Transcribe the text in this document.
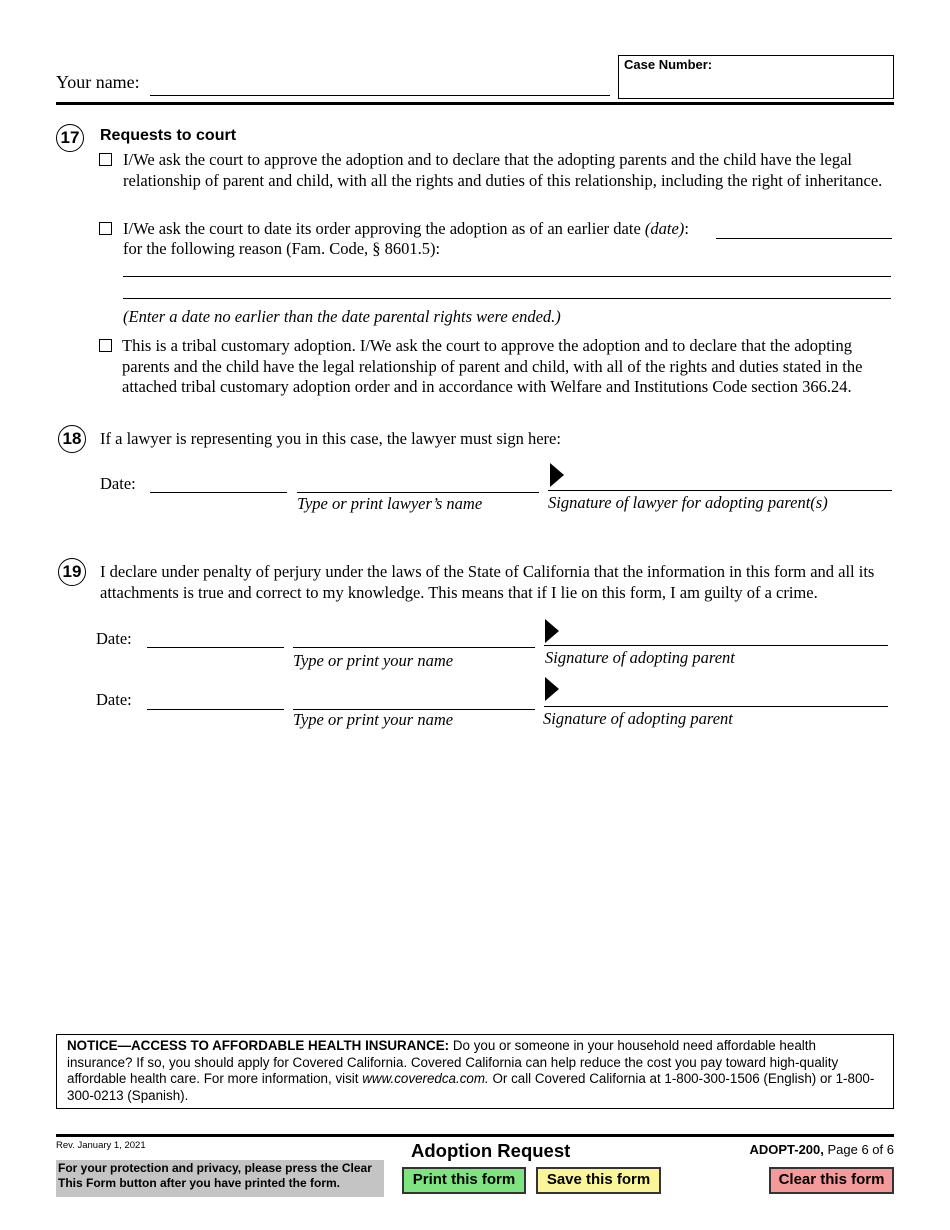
Your name:
Case Number:
17 Requests to court
I/We ask the court to approve the adoption and to declare that the adopting parents and the child have the legal relationship of parent and child, with all the rights and duties of this relationship, including the right of inheritance.
I/We ask the court to date its order approving the adoption as of an earlier date (date):
for the following reason (Fam. Code, § 8601.5):
(Enter a date no earlier than the date parental rights were ended.)
This is a tribal customary adoption. I/We ask the court to approve the adoption and to declare that the adopting parents and the child have the legal relationship of parent and child, with all of the rights and duties stated in the attached tribal customary adoption order and in accordance with Welfare and Institutions Code section 366.24.
18 If a lawyer is representing you in this case, the lawyer must sign here:
Date:
Type or print lawyer’s name	Signature of lawyer for adopting parent(s)
19 I declare under penalty of perjury under the laws of the State of California that the information in this form and all its attachments is true and correct to my knowledge. This means that if I lie on this form, I am guilty of a crime.
Date:
Type or print your name	Signature of adopting parent
Date:
Type or print your name	Signature of adopting parent
NOTICE—ACCESS TO AFFORDABLE HEALTH INSURANCE: Do you or someone in your household need affordable health insurance? If so, you should apply for Covered California. Covered California can help reduce the cost you pay toward high-quality affordable health care. For more information, visit www.coveredca.com. Or call Covered California at 1-800-300-1506 (English) or 1-800-300-0213 (Spanish).
Rev. January 1, 2021	Adoption Request	ADOPT-200, Page 6 of 6
For your protection and privacy, please press the Clear This Form button after you have printed the form.	Print this form	Save this form	Clear this form
